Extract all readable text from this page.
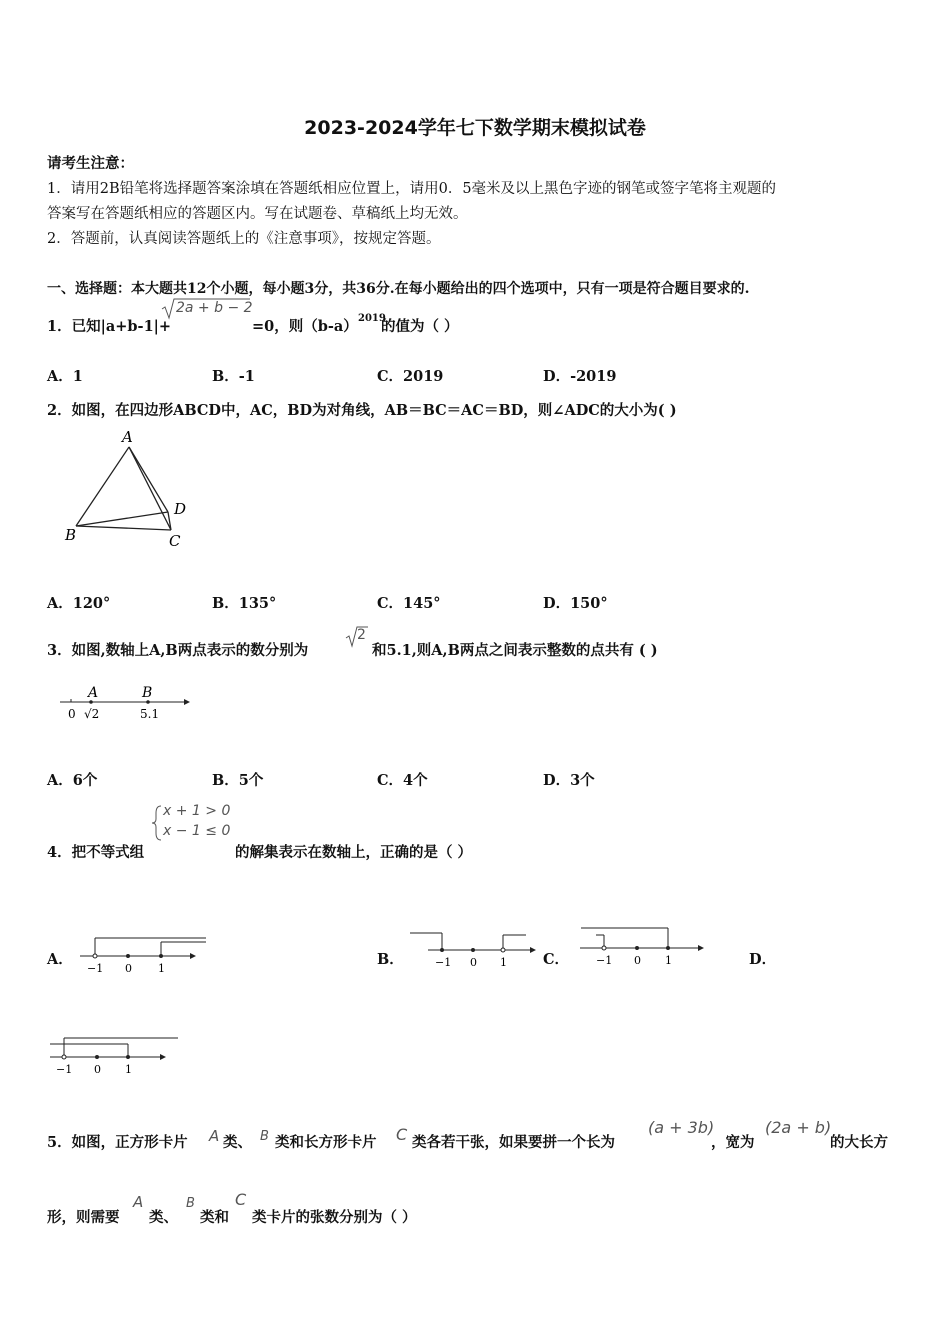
2023-2024学年七下数学期末模拟试卷
请考生注意：
1．请用2B铅笔将选择题答案涂填在答题纸相应位置上，请用0．5毫米及以上黑色字迹的钢笔或签字笔将主观题的
答案写在答题纸相应的答题区内。写在试题卷、草稿纸上均无效。
2．答题前，认真阅读答题纸上的《注意事项》，按规定答题。
一、选择题：本大题共12个小题，每小题3分，共36分.在每小题给出的四个选项中，只有一项是符合题目要求的.
1．已知|a+b-1|+
2a + b − 2
=0，则（b-a） 2019
的值为（ ）
A．1	B．-1	C．2019	D．-2019
2．如图，在四边形ABCD中，AC，BD为对角线，AB＝BC＝AC＝BD，则∠ADC的大小为( )
A
B	C
D
A．120°	B．135°	C．145°	D．150°
3．如图,数轴上A,B两点表示的数分别为
2
和5.1,则A,B两点之间表示整数的点共有 ( )
A	B
0 √2	5.1
A．6个	B．5个	C．4个	D．3个
4．把不等式组
x + 1 > 0
x − 1 ≤ 0
的解集表示在数轴上，正确的是（ ）
A．
−1 0 1
B．	−1 0 1 C． −1 0 1	D．
−1 0 1
5．如图，正方形卡片 A 类、 B 类和长方形卡片 C 类各若干张，如果要拼一个长为
(a + 3b)
，宽为
(2a + b)
的大长方
形，则需要
A
类、
B
类和
C
类卡片的张数分别为（ ）
